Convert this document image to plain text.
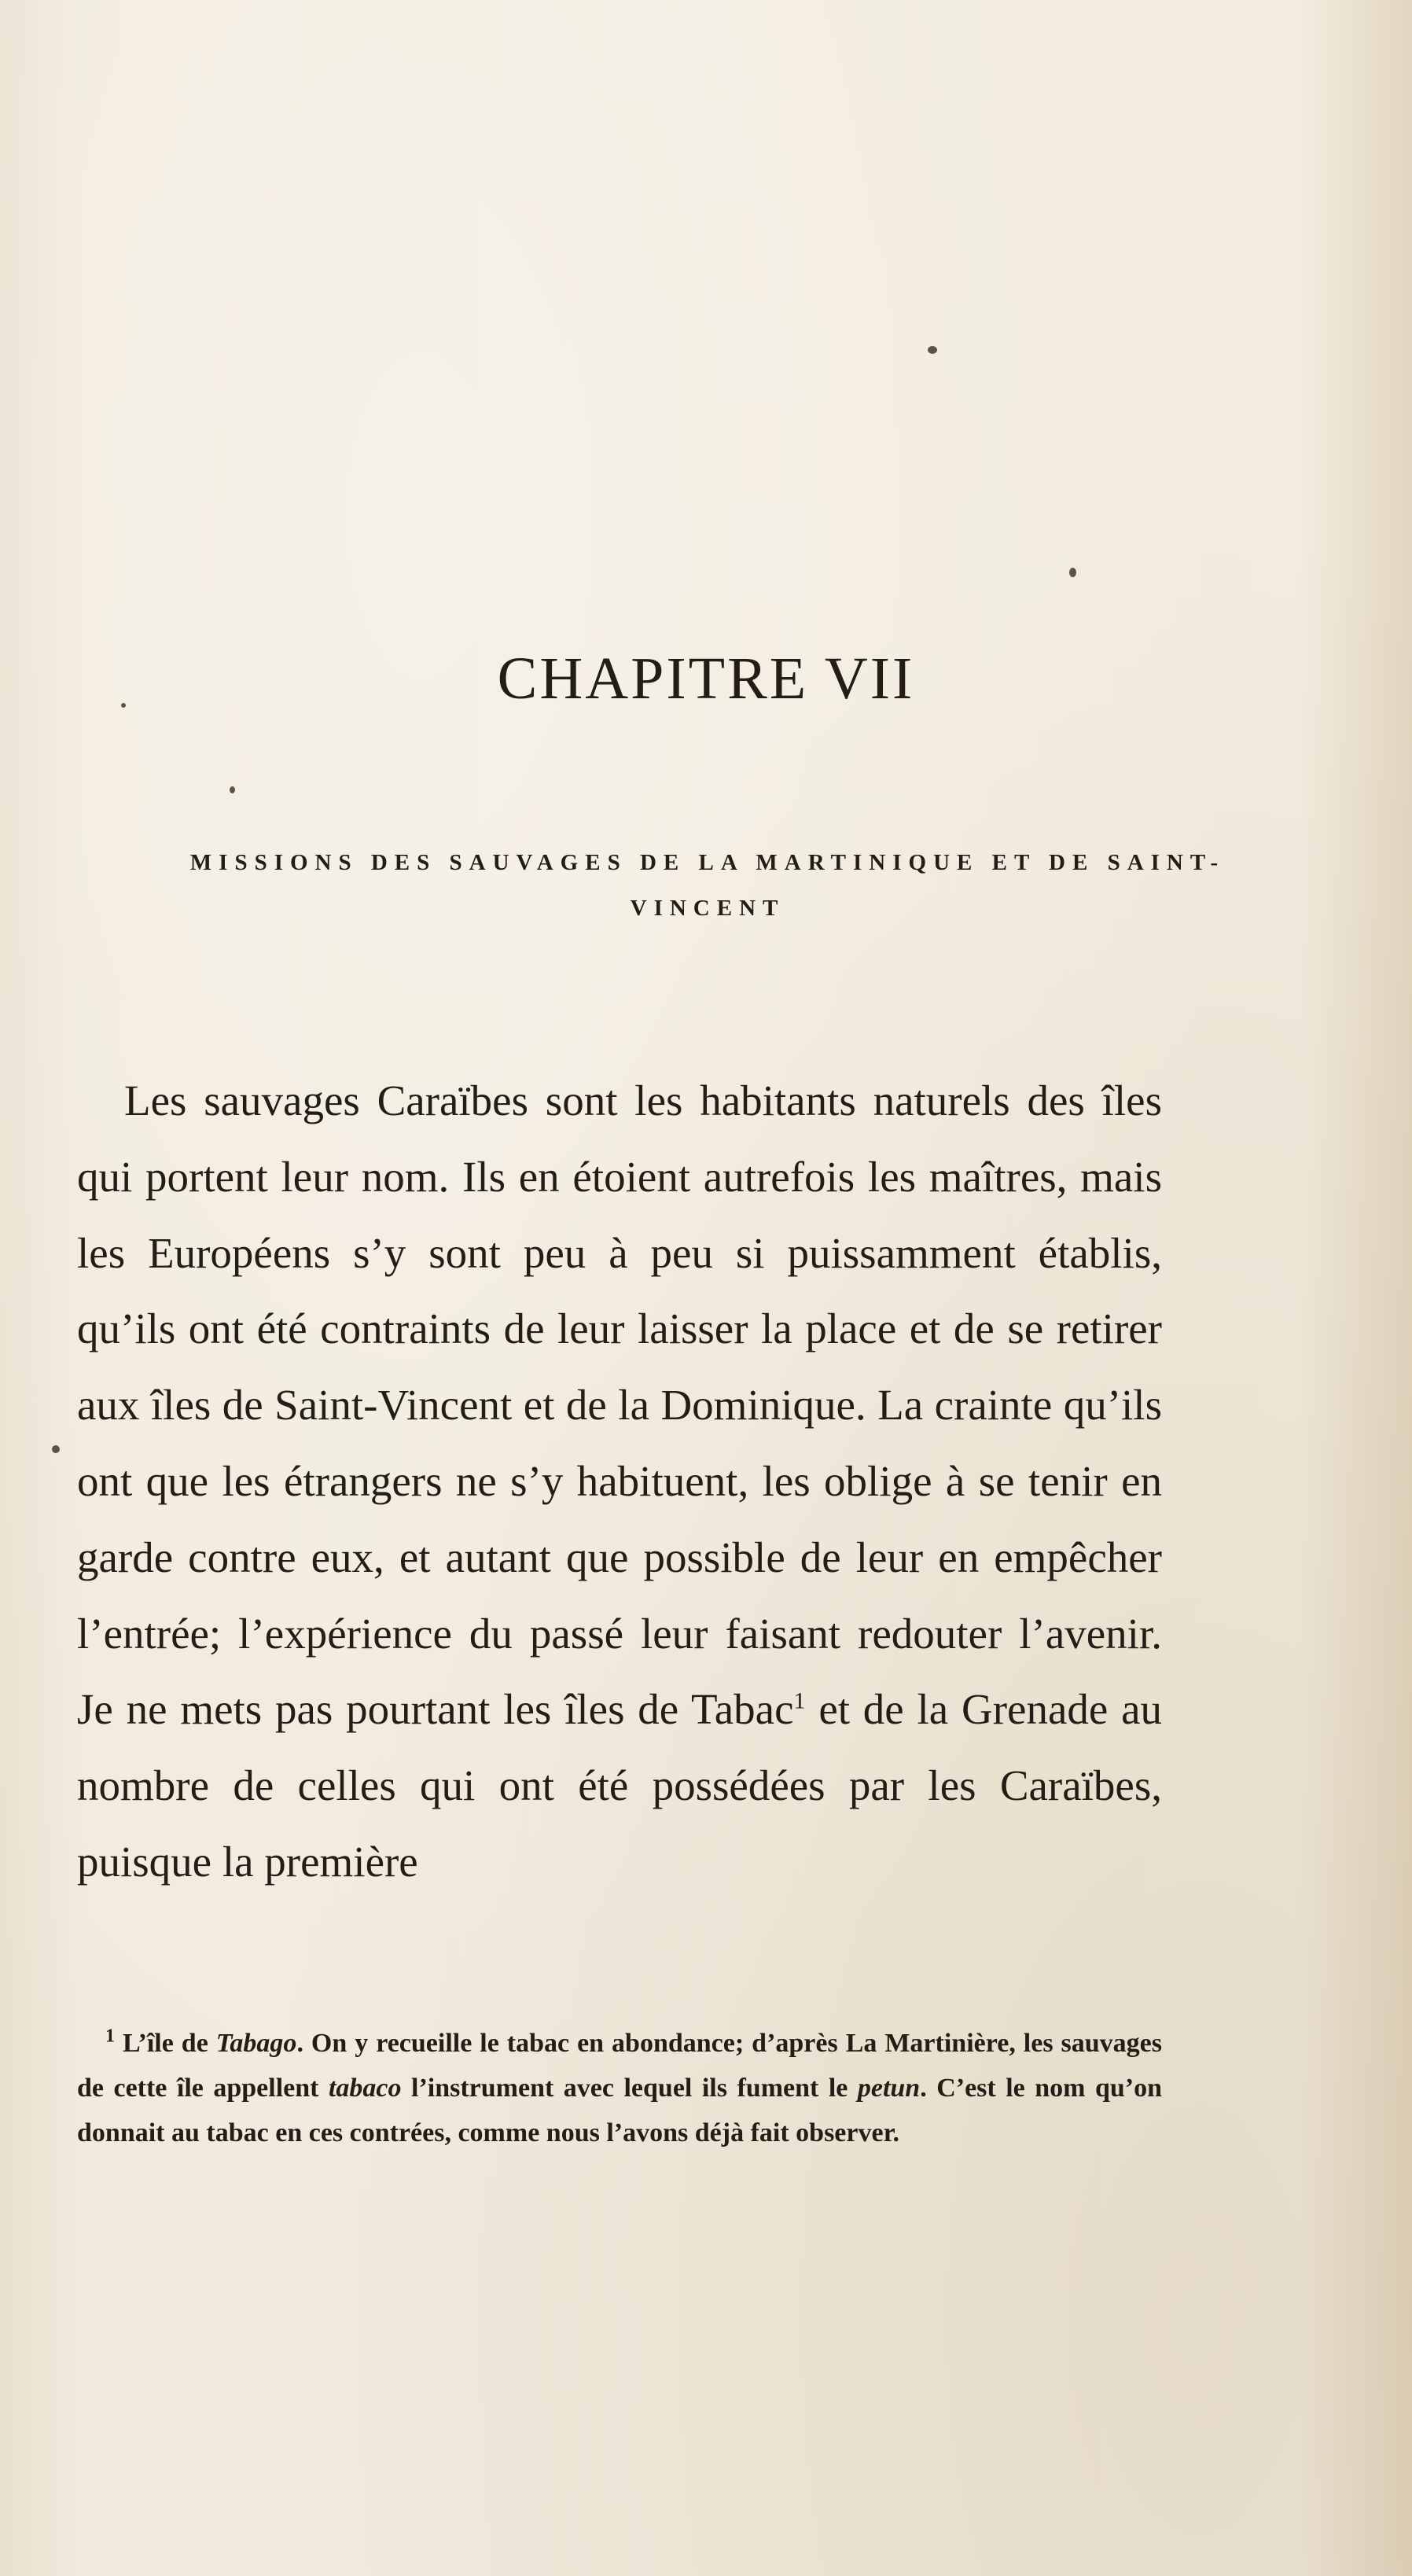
CHAPITRE VII
MISSIONS DES SAUVAGES DE LA MARTINIQUE ET DE SAINT-VINCENT

Les sauvages Caraïbes sont les habitants naturels des îles qui portent leur nom. Ils en étoient autrefois les maîtres, mais les Européens s’y sont peu à peu si puissamment établis, qu’ils ont été contraints de leur laisser la place et de se retirer aux îles de Saint-Vincent et de la Dominique. La crainte qu’ils ont que les étrangers ne s’y habituent, les oblige à se tenir en garde contre eux, et autant que possible de leur en empêcher l’entrée; l’expérience du passé leur faisant redouter l’avenir. Je ne mets pas pourtant les îles de Tabac$^1$ et de la Grenade au nombre de celles qui ont été possédées par les Caraïbes, puisque la première

$^1$ L’île de Tabago. On y recueille le tabac en abondance; d’après La Martinière, les sauvages de cette île appellent tabaco l’instrument avec lequel ils fument le petun. C’est le nom qu’on donnait au tabac en ces contrées, comme nous l’avons déjà fait observer.
